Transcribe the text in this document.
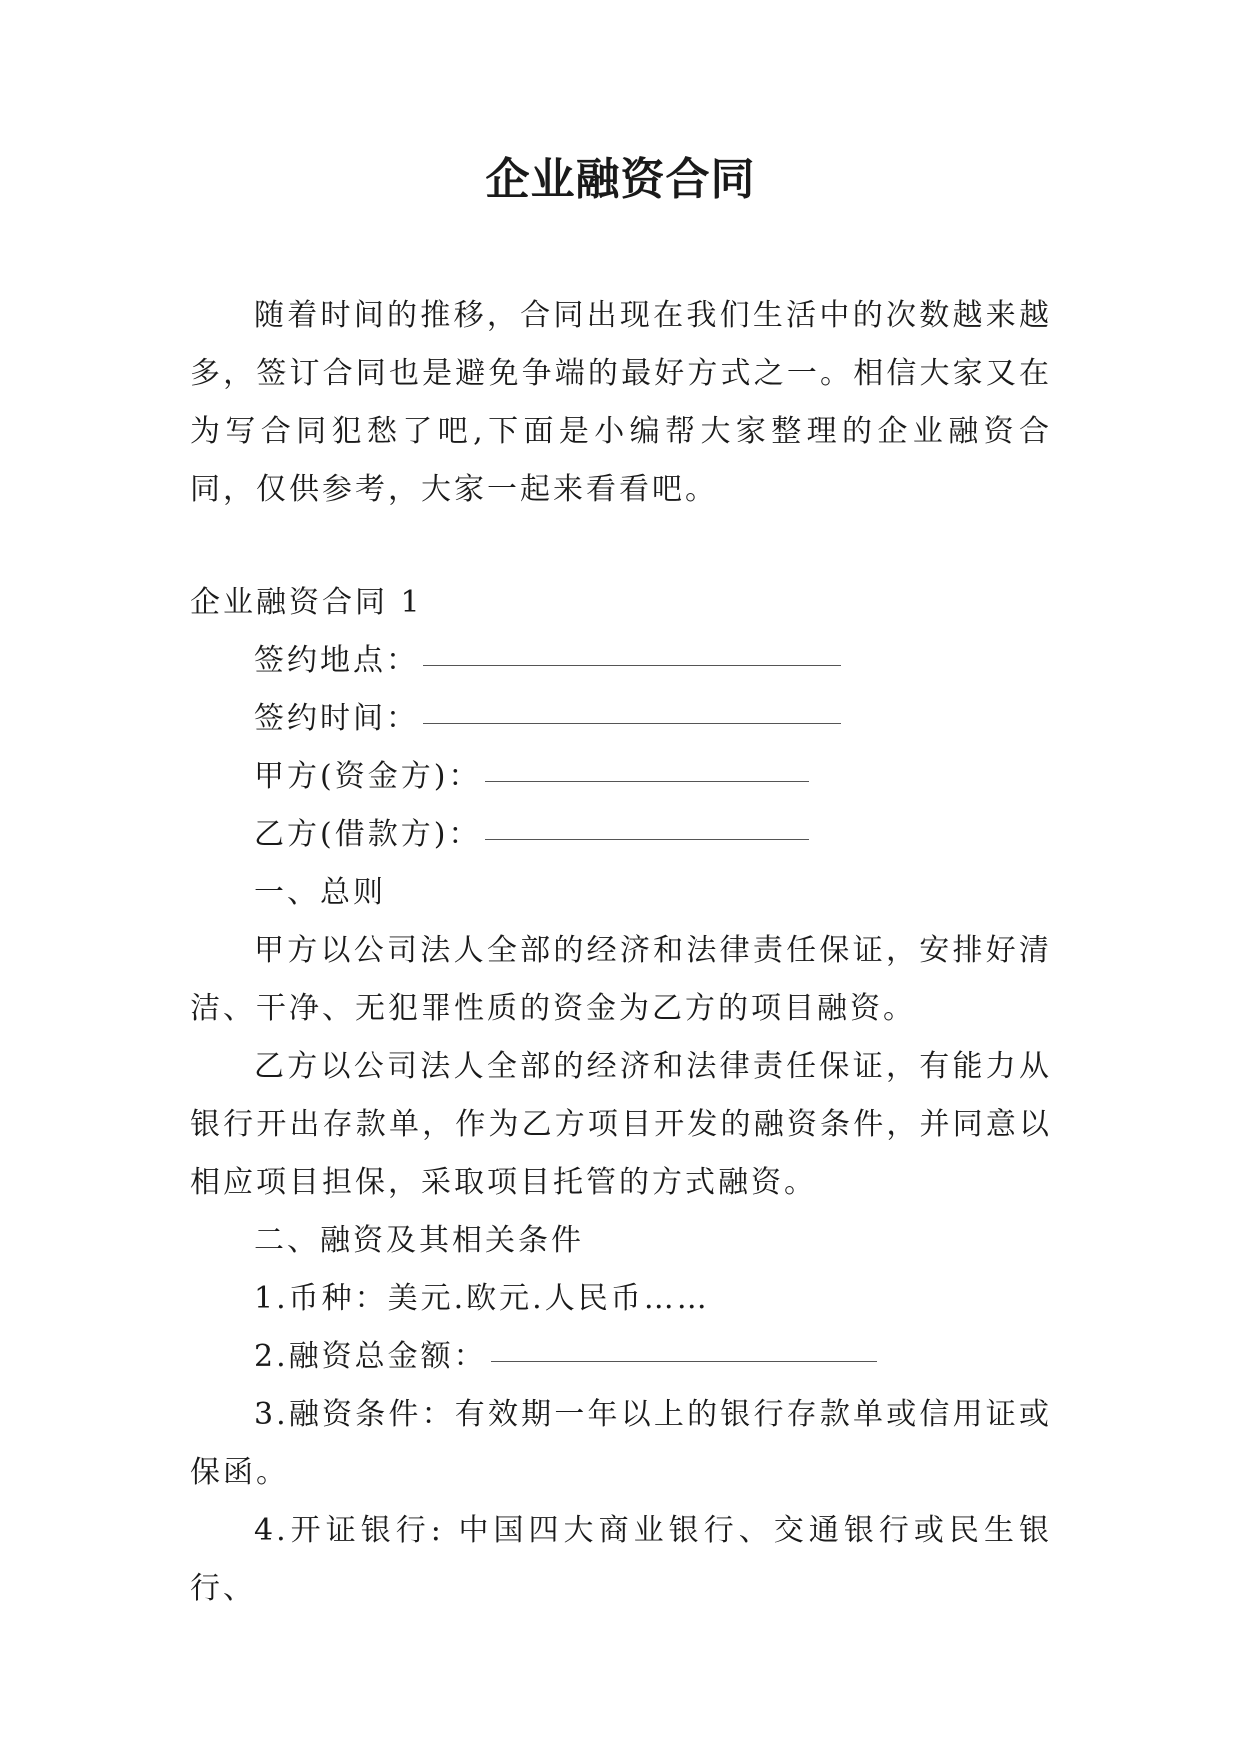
企业融资合同

随着时间的推移，合同出现在我们生活中的次数越来越多，签订合同也是避免争端的最好方式之一。相信大家又在为写合同犯愁了吧,下面是小编帮大家整理的企业融资合同，仅供参考，大家一起来看看吧。

企业融资合同 1

签约地点：

签约时间：

甲方(资金方)：

乙方(借款方)：

一、总则

甲方以公司法人全部的经济和法律责任保证，安排好清洁、干净、无犯罪性质的资金为乙方的项目融资。

乙方以公司法人全部的经济和法律责任保证，有能力从银行开出存款单，作为乙方项目开发的融资条件，并同意以相应项目担保，采取项目托管的方式融资。

二、融资及其相关条件

1.币种：美元.欧元.人民币……

2.融资总金额：

3.融资条件：有效期一年以上的银行存款单或信用证或保函。

4.开证银行: 中国四大商业银行、交通银行或民生银行、
